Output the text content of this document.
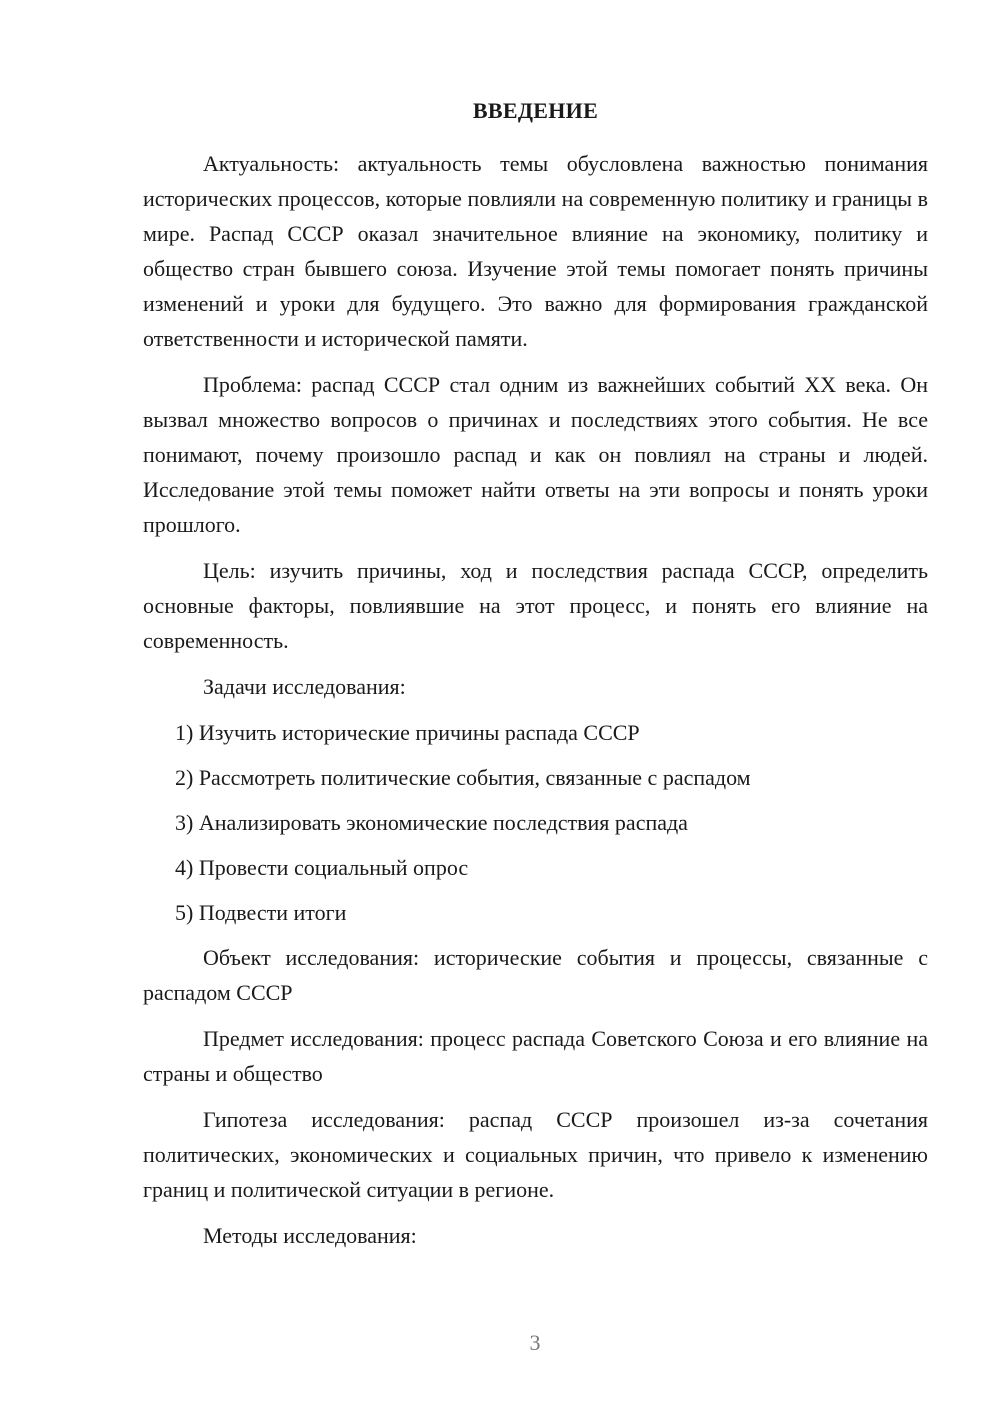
ВВЕДЕНИЕ

Актуальность: актуальность темы обусловлена важностью понимания исторических процессов, которые повлияли на современную политику и границы в мире. Распад СССР оказал значительное влияние на экономику, политику и общество стран бывшего союза. Изучение этой темы помогает понять причины изменений и уроки для будущего. Это важно для формирования гражданской ответственности и исторической памяти.

Проблема: распад СССР стал одним из важнейших событий XX века. Он вызвал множество вопросов о причинах и последствиях этого события. Не все понимают, почему произошло распад и как он повлиял на страны и людей. Исследование этой темы поможет найти ответы на эти вопросы и понять уроки прошлого.

Цель: изучить причины, ход и последствия распада СССР, определить основные факторы, повлиявшие на этот процесс, и понять его влияние на современность.

Задачи исследования:

1) Изучить исторические причины распада СССР
2) Рассмотреть политические события, связанные с распадом
3) Анализировать экономические последствия распада
4) Провести социальный опрос
5) Подвести итоги

Объект исследования: исторические события и процессы, связанные с распадом СССР

Предмет исследования: процесс распада Советского Союза и его влияние на страны и общество

Гипотеза исследования: распад СССР произошел из-за сочетания политических, экономических и социальных причин, что привело к изменению границ и политической ситуации в регионе.

Методы исследования:

3
